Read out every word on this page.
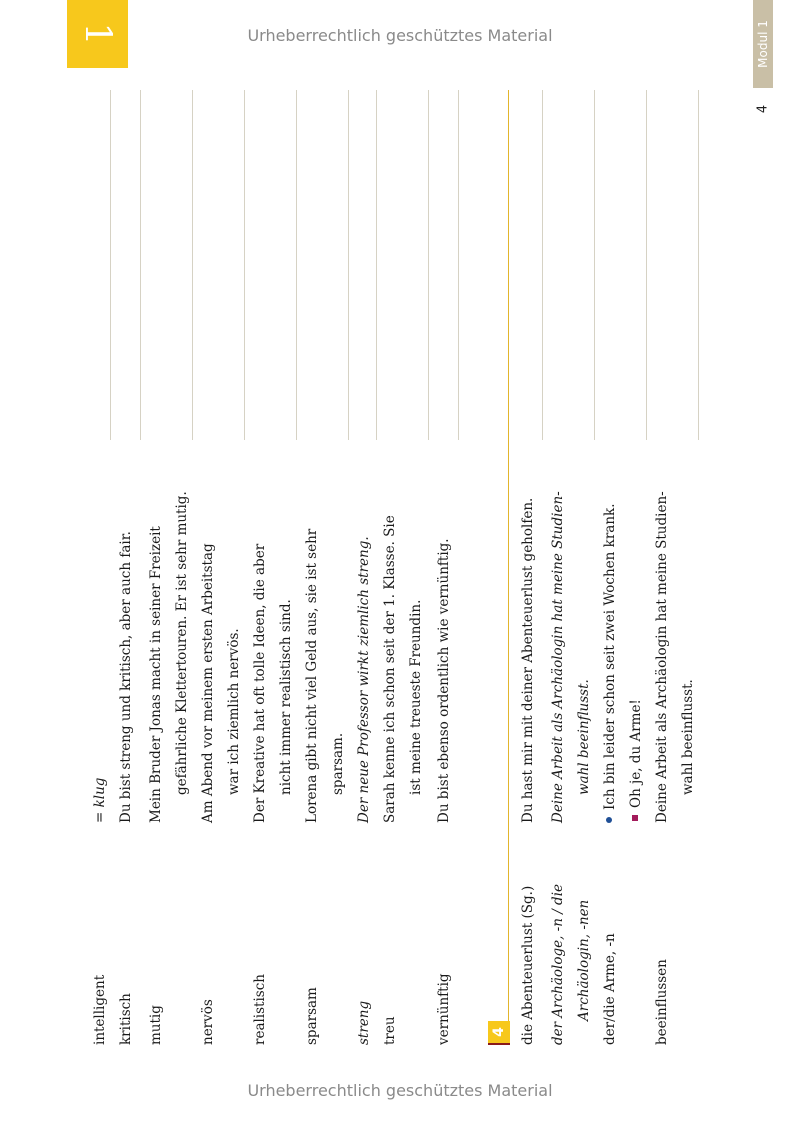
Urheberrechtlich geschütztes Material
Urheberrechtlich geschütztes Material
1	Modul 1
4
intelligent
= klug
kritisch
Du bist streng und kritisch, aber auch fair.
mutig
Mein Bruder Jonas macht in seiner Freizeit gefährliche Klettertouren. Er ist sehr mutig.
nervös
Am Abend vor meinem ersten Arbeitstag war ich ziemlich nervös.
realistisch
Der Kreative hat oft tolle Ideen, die aber nicht immer realistisch sind.
sparsam
Lorena gibt nicht viel Geld aus, sie ist sehr sparsam.
streng
Der neue Professor wirkt ziemlich streng.
treu
Sarah kenne ich schon seit der 1. Klasse. Sie ist meine treueste Freundin.
vernünftig
Du bist ebenso ordentlich wie vernünftig.
4 die Abenteuerlust (Sg.)
Du hast mir mit deiner Abenteuerlust geholfen.
der Archäologe, -n / die Archäologin, -nen
Deine Arbeit als Archäologin hat meine Studien- wahl beeinflusst.
der/die Arme, -n
Ich bin leider schon seit zwei Wochen krank. Oh je, du Arme!
beeinflussen
Deine Arbeit als Archäologin hat meine Studien- wahl beeinflusst.
